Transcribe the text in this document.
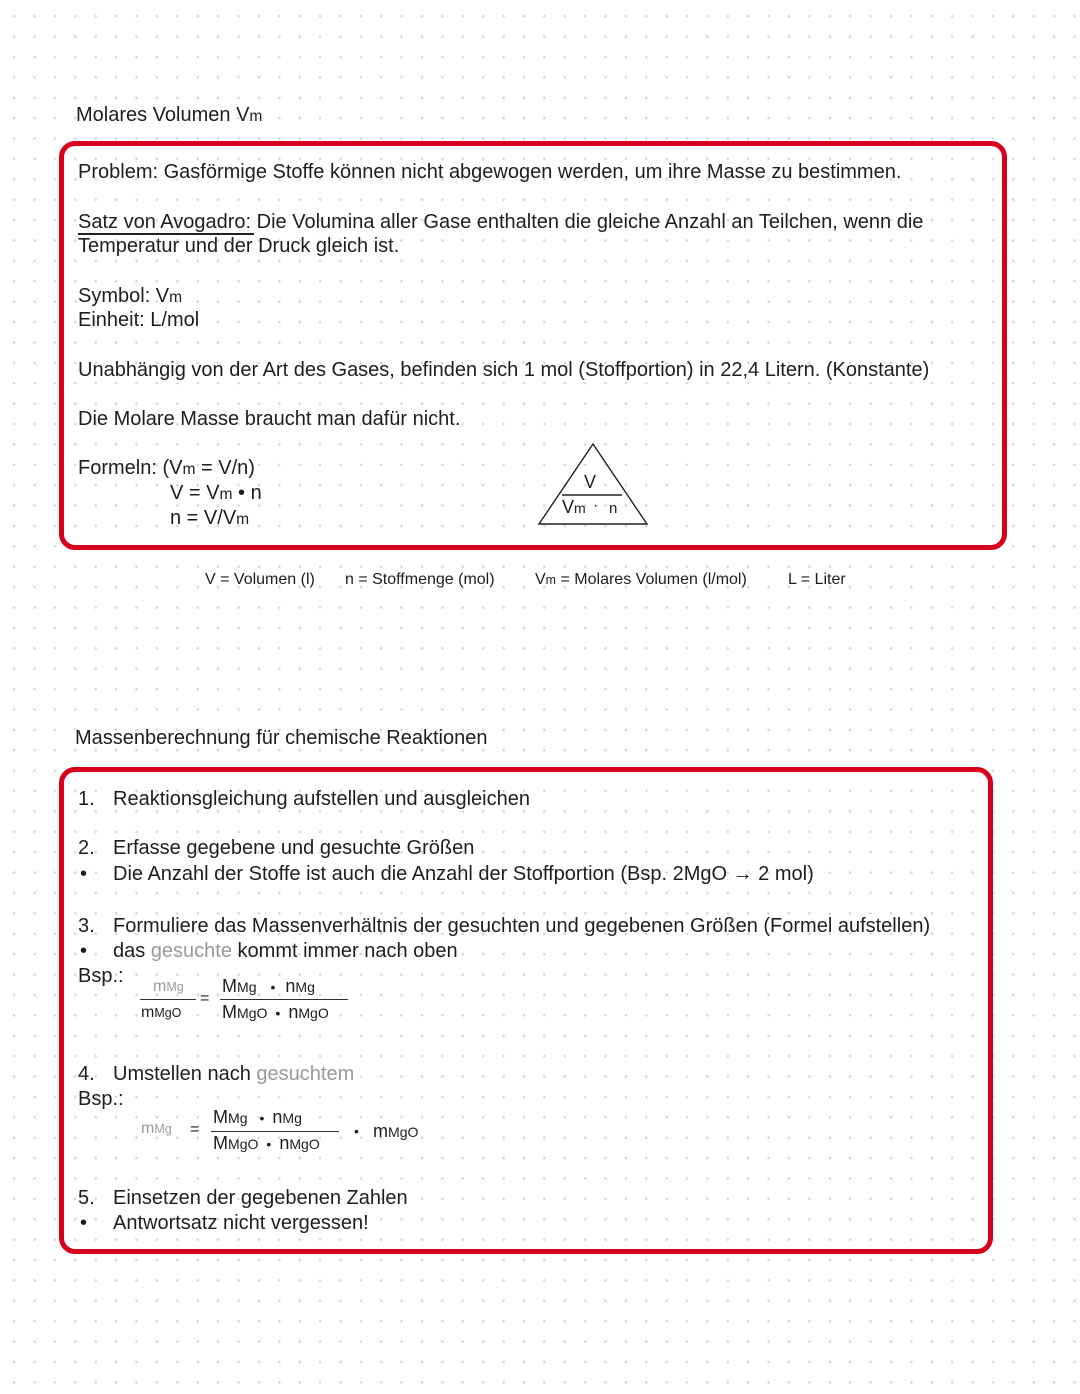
Molares Volumen Vm
Problem: Gasförmige Stoffe können nicht abgewogen werden, um ihre Masse zu bestimmen.
Satz von Avogadro: Die Volumina aller Gase enthalten die gleiche Anzahl an Teilchen, wenn die
Temperatur und der Druck gleich ist.
Symbol: Vm
Einheit: L/mol
Unabhängig von der Art des Gases, befinden sich 1 mol (Stoffportion) in 22,4 Litern. (Konstante)
Die Molare Masse braucht man dafür nicht.
Formeln: (Vm = V/n)
V = Vm • n
n = V/Vm
V
Vm · n
V = Volumen (l) n = Stoffmenge (mol)	Vm = Molares Volumen (l/mol)	L = Liter
Massenberechnung für chemische Reaktionen
1. Reaktionsgleichung aufstellen und ausgleichen
2. Erfasse gegebene und gesuchte Größen
• Die Anzahl der Stoffe ist auch die Anzahl der Stoffportion (Bsp. 2MgO → 2 mol)
3. Formuliere das Massenverhältnis der gesuchten und gegebenen Größen (Formel aufstellen)
• das gesuchte kommt immer nach oben
Bsp.: mMg
mMgO
=
MMg • nMg
MMgO • nMgO
4. Umstellen nach gesuchtem
Bsp.:
mMg =
MMg • nMg
MMgO • nMgO
• mMgO
5. Einsetzen der gegebenen Zahlen
• Antwortsatz nicht vergessen!
